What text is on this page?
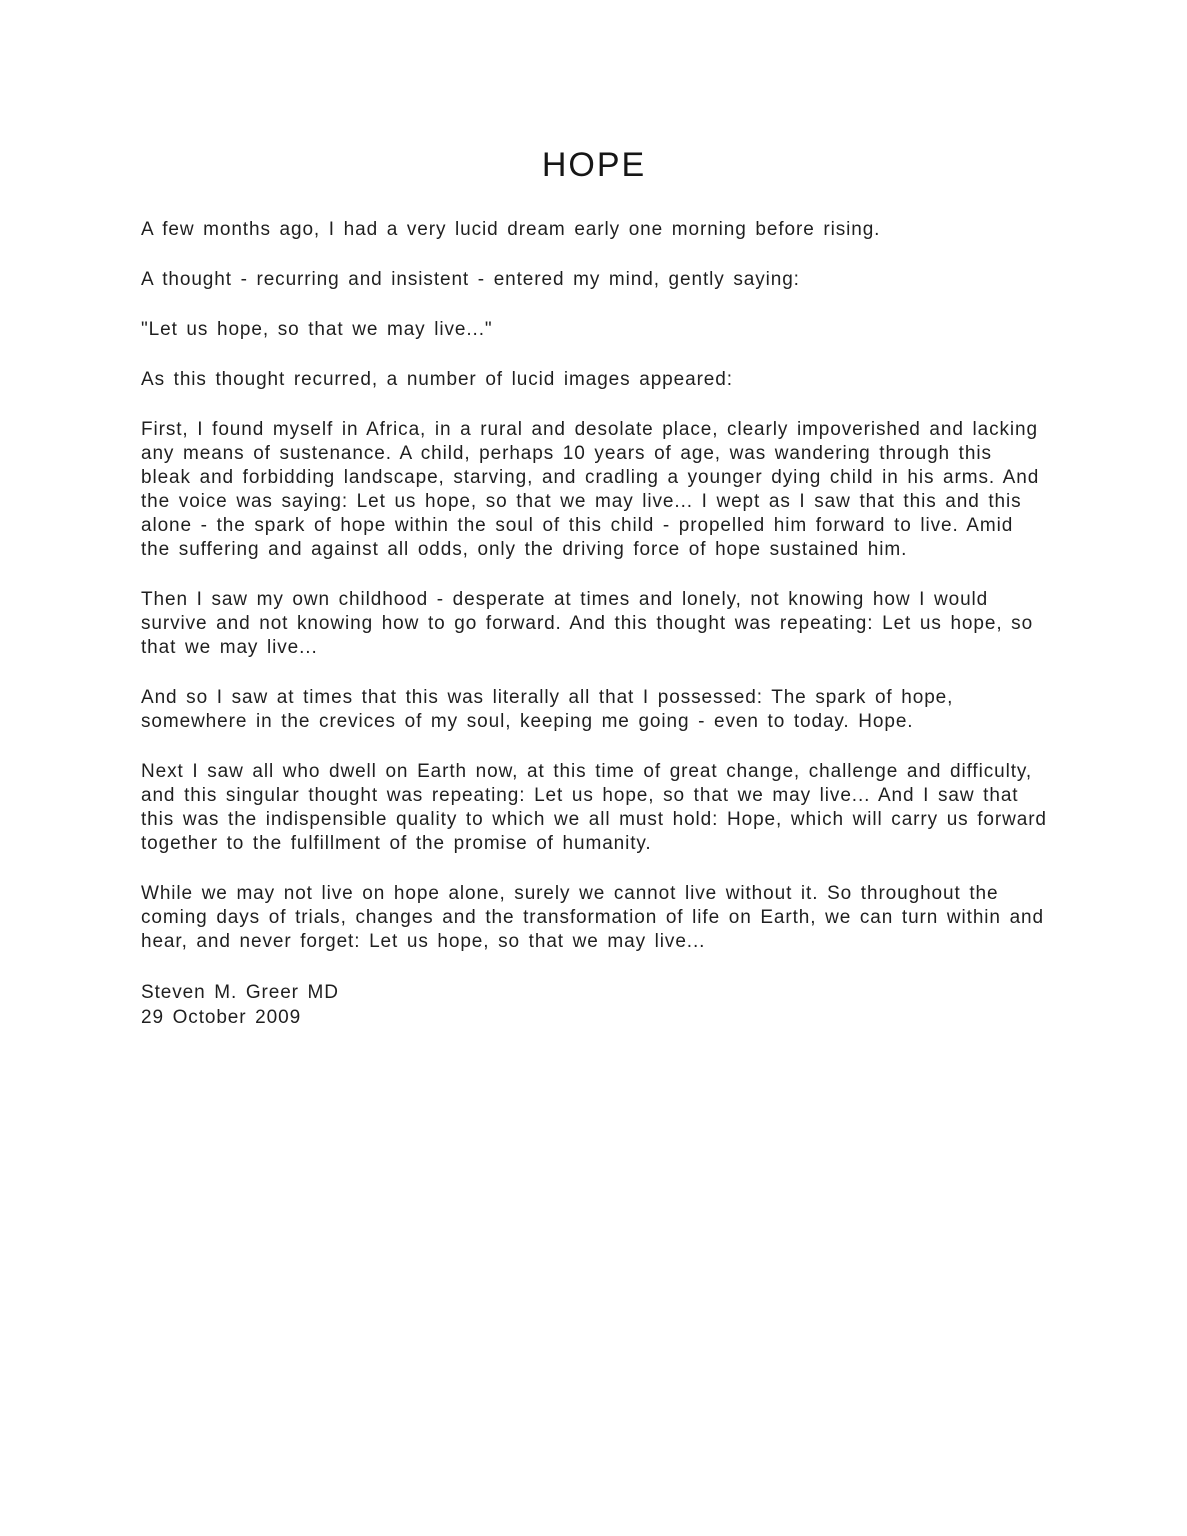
HOPE

A few months ago, I had a very lucid dream early one morning before rising.

A thought - recurring and insistent - entered my mind, gently saying:

"Let us hope, so that we may live..."

As this thought recurred, a number of lucid images appeared:

First, I found myself in Africa, in a rural and desolate place, clearly impoverished and lacking any means of sustenance. A child, perhaps 10 years of age, was wandering through this bleak and forbidding landscape, starving, and cradling a younger dying child in his arms. And the voice was saying: Let us hope, so that we may live... I wept as I saw that this and this alone - the spark of hope within the soul of this child - propelled him forward to live. Amid the suffering and against all odds, only the driving force of hope sustained him.

Then I saw my own childhood - desperate at times and lonely, not knowing how I would survive and not knowing how to go forward. And this thought was repeating: Let us hope, so that we may live...

And so I saw at times that this was literally all that I possessed: The spark of hope, somewhere in the crevices of my soul, keeping me going - even to today. Hope.

Next I saw all who dwell on Earth now, at this time of great change, challenge and difficulty, and this singular thought was repeating: Let us hope, so that we may live... And I saw that this was the indispensible quality to which we all must hold: Hope, which will carry us forward together to the fulfillment of the promise of humanity.

While we may not live on hope alone, surely we cannot live without it. So throughout the coming days of trials, changes and the transformation of life on Earth, we can turn within and hear, and never forget: Let us hope, so that we may live...

Steven M. Greer MD
29 October 2009
